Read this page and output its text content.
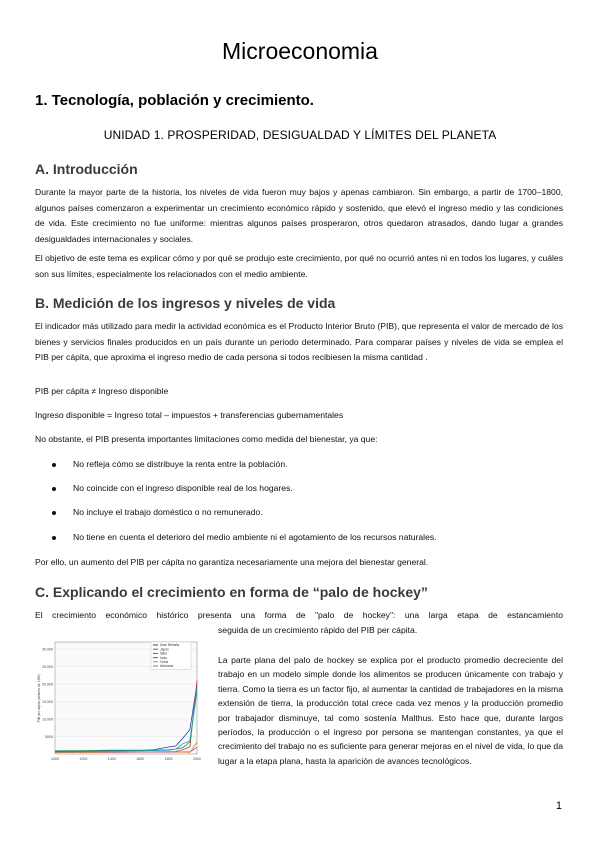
Microeconomia
1. Tecnología, población y crecimiento.
UNIDAD 1. PROSPERIDAD, DESIGUALDAD Y LÍMITES DEL PLANETA
A. Introducción
Durante la mayor parte de la historia, los niveles de vida fueron muy bajos y apenas cambiaron. Sin embargo, a partir de 1700–1800, algunos países comenzaron a experimentar un crecimiento económico rápido y sostenido, que elevó el ingreso medio y las condiciones de vida. Este crecimiento no fue uniforme: mientras algunos países prosperaron, otros quedaron atrasados, dando lugar a grandes desigualdades internacionales y sociales.
El objetivo de este tema es explicar cómo y por qué se produjo este crecimiento, por qué no ocurrió antes ni en todos los lugares, y cuáles son sus límites, especialmente los relacionados con el medio ambiente.
B. Medición de los ingresos y niveles de vida
El indicador más utilizado para medir la actividad económica es el Producto Interior Bruto (PIB), que representa el valor de mercado de los bienes y servicios finales producidos en un país durante un periodo determinado. Para comparar países y niveles de vida se emplea el PIB per cápita, que aproxima el ingreso medio de cada persona si todos recibiesen la misma cantidad .
PIB per cápita ≠ Ingreso disponible
Ingreso disponible = Ingreso total – impuestos + transferencias gubernamentales
No obstante, el PIB presenta importantes limitaciones como medida del bienestar, ya que:
No refleja cómo se distribuye la renta entre la población.
No coincide con el ingreso disponible real de los hogares.
No incluye el trabajo doméstico o no remunerado.
No tiene en cuenta el deterioro del medio ambiente ni el agotamiento de los recursos naturales.
Por ello, un aumento del PIB per cápita no garantiza necesariamente una mejora del bienestar general.
C. Explicando el crecimiento en forma de “palo de hockey”
El crecimiento económico histórico presenta una forma de "palo de hockey": una larga etapa de estancamiento
seguida de un crecimiento rápido del PIB per cápita.
La parte plana del palo de hockey se explica por el producto promedio decreciente del trabajo en un modelo simple donde los alimentos se producen únicamente con trabajo y tierra. Como la tierra es un factor fijo, al aumentar la cantidad de trabajadores en la misma extensión de tierra, la producción total crece cada vez menos y la producción promedio por trabajador disminuye, tal como sostenía Malthus. Esto hace que, durante largos períodos, la producción o el ingreso por persona se mantengan constantes, ya que el crecimiento del trabajo no es suficiente para generar mejoras en el nivel de vida, lo que da lugar a la etapa plana, hasta la aparición de avances tecnológicos.
30,000
25,000
20,000
15,000
10,000
5000
1000	1200	1400	1600	1800	2000
PIB per cápita (dólares de 1990)
Gran Bretaña
Japón
Italia
India
China
Alemania
1
